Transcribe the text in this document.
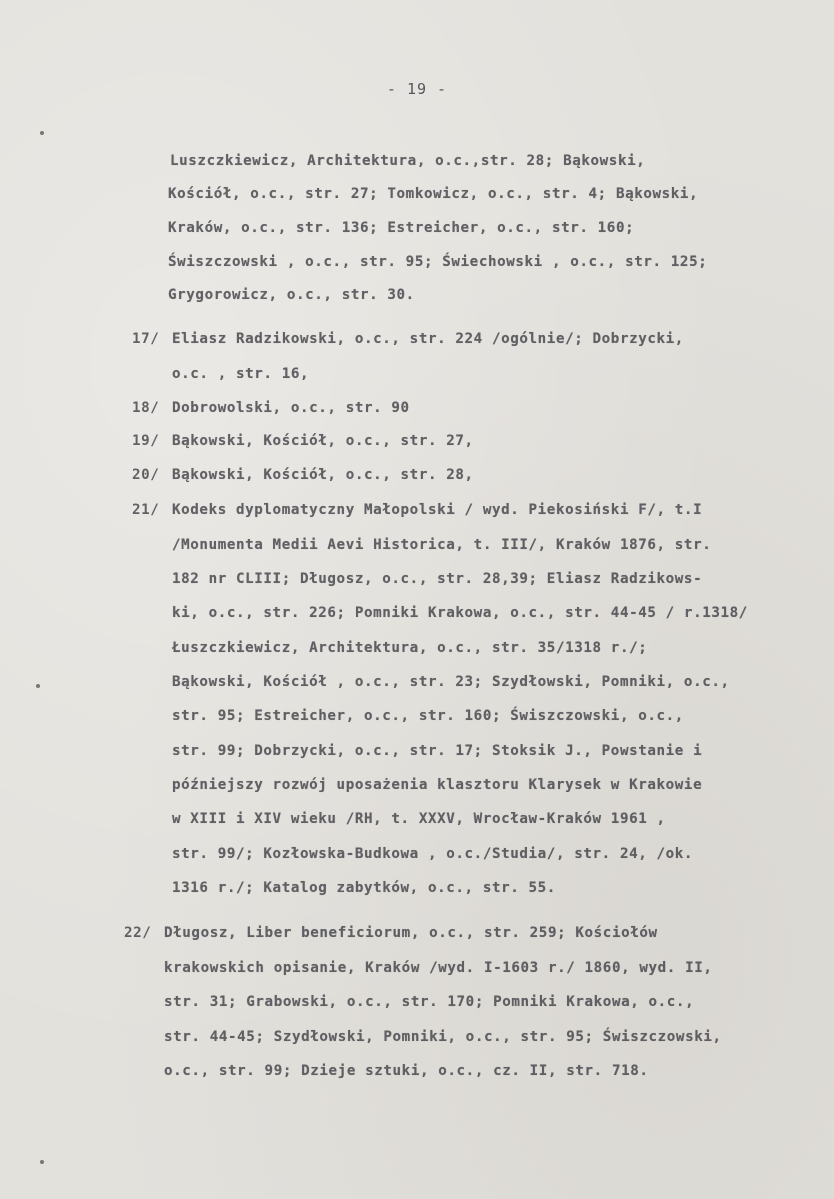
- 19 -
Luszczkiewicz, Architektura, o.c.,str. 28; Bąkowski,
Kościół, o.c., str. 27; Tomkowicz, o.c., str. 4; Bąkowski,
Kraków, o.c., str. 136; Estreicher, o.c., str. 160;
Świszczowski , o.c., str. 95; Świechowski , o.c., str. 125;
Grygorowicz, o.c., str. 30.
17/ Eliasz Radzikowski, o.c., str. 224 /ogólnie/; Dobrzycki,
o.c. , str. 16,
18/ Dobrowolski, o.c., str. 90
19/ Bąkowski, Kościół, o.c., str. 27,
20/ Bąkowski, Kościół, o.c., str. 28,
21/ Kodeks dyplomatyczny Małopolski / wyd. Piekosiński F/, t.I
/Monumenta Medii Aevi Historica, t. III/, Kraków 1876, str.
182 nr CLIII; Długosz, o.c., str. 28,39; Eliasz Radzikows-
ki, o.c., str. 226; Pomniki Krakowa, o.c., str. 44-45 / r.1318/
Łuszczkiewicz, Architektura, o.c., str. 35/1318 r./;
Bąkowski, Kościół , o.c., str. 23; Szydłowski, Pomniki, o.c.,
str. 95; Estreicher, o.c., str. 160; Świszczowski, o.c.,
str. 99; Dobrzycki, o.c., str. 17; Stoksik J., Powstanie i
późniejszy rozwój uposażenia klasztoru Klarysek w Krakowie
w XIII i XIV wieku /RH, t. XXXV, Wrocław-Kraków 1961 ,
str. 99/; Kozłowska-Budkowa , o.c./Studia/, str. 24, /ok.
1316 r./; Katalog zabytków, o.c., str. 55.
22/ Długosz, Liber beneficiorum, o.c., str. 259; Kościołów
krakowskich opisanie, Kraków /wyd. I-1603 r./ 1860, wyd. II,
str. 31; Grabowski, o.c., str. 170; Pomniki Krakowa, o.c.,
str. 44-45; Szydłowski, Pomniki, o.c., str. 95; Świszczowski,
o.c., str. 99; Dzieje sztuki, o.c., cz. II, str. 718.
